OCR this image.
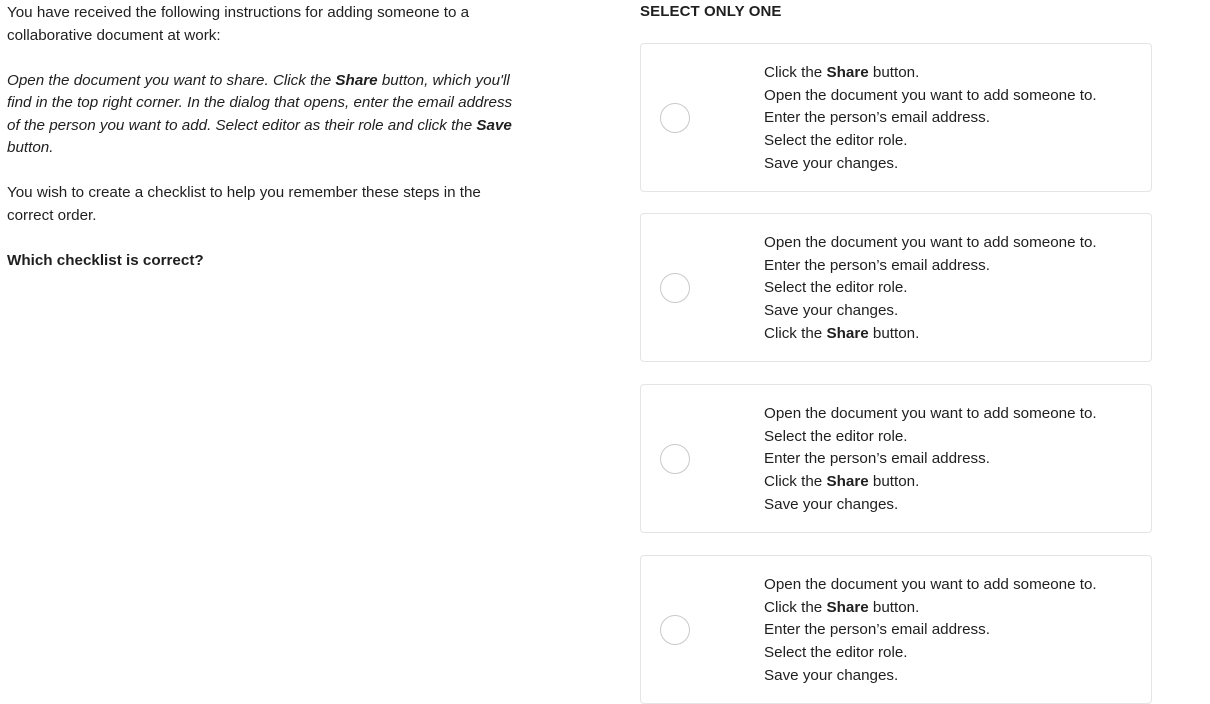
You have received the following instructions for adding someone to a collaborative document at work:

Open the document you want to share. Click the Share button, which you'll find in the top right corner. In the dialog that opens, enter the email address of the person you want to add. Select editor as their role and click the Save button.

You wish to create a checklist to help you remember these steps in the correct order.

Which checklist is correct?

SELECT ONLY ONE
Click the Share button.
Open the document you want to add someone to.
Enter the person’s email address.
Select the editor role.
Save your changes.
Open the document you want to add someone to.
Enter the person’s email address.
Select the editor role.
Save your changes.
Click the Share button.
Open the document you want to add someone to.
Select the editor role.
Enter the person’s email address.
Click the Share button.
Save your changes.
Open the document you want to add someone to.
Click the Share button.
Enter the person’s email address.
Select the editor role.
Save your changes.
